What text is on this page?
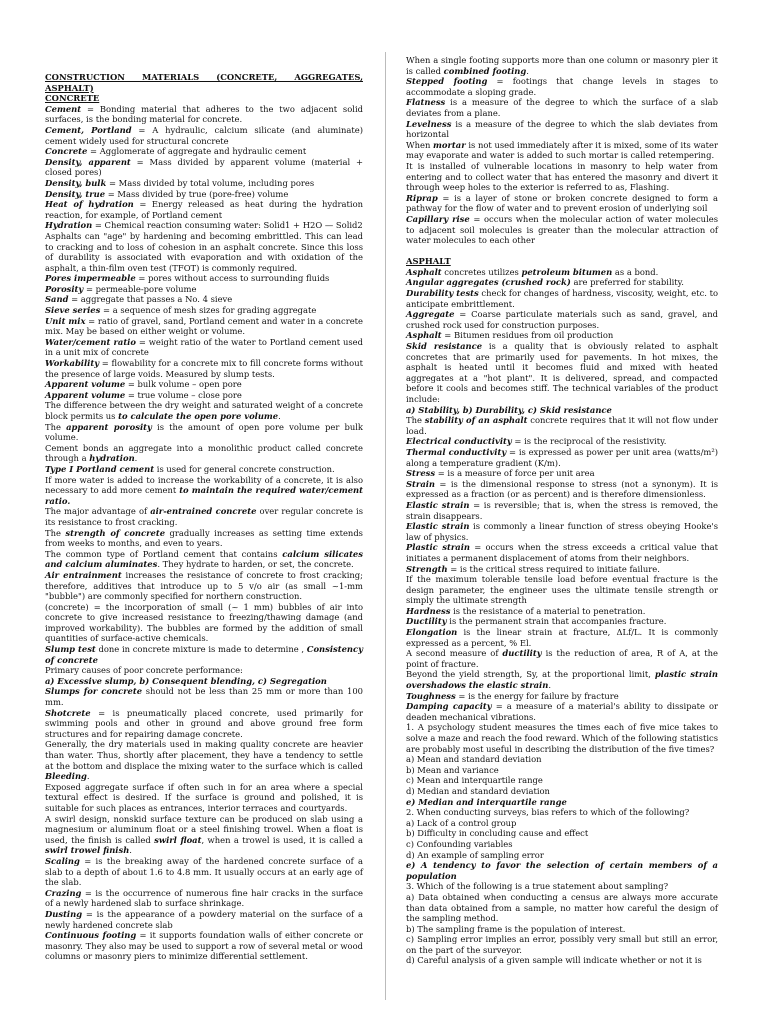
CONSTRUCTION MATERIALS (CONCRETE, AGGREGATES, ASPHALT)
CONCRETE
Cement = Bonding material that adheres to the two adjacent solid surfaces, is the bonding material for concrete.
Cement, Portland = A hydraulic, calcium silicate (and aluminate) cement widely used for structural concrete
Concrete = Agglomerate of aggregate and hydraulic cement
Density, apparent = Mass divided by apparent volume (material + closed pores)
Density, bulk = Mass divided by total volume, including pores
Density, true = Mass divided by true (pore-free) volume
Heat of hydration = Energy released as heat during the hydration reaction, for example, of Portland cement
Hydration = Chemical reaction consuming water: Solid1 + H2O — Solid2
Asphalts can "age" by hardening and becoming embrittled. This can lead to cracking and to loss of cohesion in an asphalt concrete. Since this loss of durability is associated with evaporation and with oxidation of the asphalt, a thin-film oven test (TFOT) is commonly required.
Pores impermeable = pores without access to surrounding fluids
Porosity = permeable-pore volume
Sand = aggregate that passes a No. 4 sieve
Sieve series = a sequence of mesh sizes for grading aggregate
Unit mix = ratio of gravel, sand, Portland cement and water in a concrete mix. May be based on either weight or volume.
Water/cement ratio = weight ratio of the water to Portland cement used in a unit mix of concrete
Workability = flowability for a concrete mix to fill concrete forms without the presence of large voids. Measured by slump tests.
Apparent volume = bulk volume – open pore
Apparent volume = true volume – close pore
The difference between the dry weight and saturated weight of a concrete block permits us to calculate the open pore volume.
The apparent porosity is the amount of open pore volume per bulk volume.
Cement bonds an aggregate into a monolithic product called concrete through a hydration.
Type I Portland cement is used for general concrete construction.
If more water is added to increase the workability of a concrete, it is also necessary to add more cement to maintain the required water/cement ratio.
The major advantage of air-entrained concrete over regular concrete is its resistance to frost cracking.
The strength of concrete gradually increases as setting time extends from weeks to months, and even to years.
The common type of Portland cement that contains calcium silicates and calcium aluminates. They hydrate to harden, or set, the concrete.
Air entrainment increases the resistance of concrete to frost cracking; therefore, additives that introduce up to 5 v/o air (as small ~1-mm "bubble") are commonly specified for northern construction.
(concrete) = the incorporation of small (~ 1 mm) bubbles of air into concrete to give increased resistance to freezing/thawing damage (and improved workability). The bubbles are formed by the addition of small quantities of surface-active chemicals.
Slump test done in concrete mixture is made to determine , Consistency of concrete
Primary causes of poor concrete performance:
a) Excessive slump, b) Consequent blending, c) Segregation
Slumps for concrete should not be less than 25 mm or more than 100 mm.
Shotcrete = is pneumatically placed concrete, used primarily for swimming pools and other in ground and above ground free form structures and for repairing damage concrete.
Generally, the dry materials used in making quality concrete are heavier than water. Thus, shortly after placement, they have a tendency to settle at the bottom and displace the mixing water to the surface which is called Bleeding.
Exposed aggregate surface if often such in for an area where a special textural effect is desired. If the surface is ground and polished, it is suitable for such places as entrances, interior terraces and courtyards.
A swirl design, nonskid surface texture can be produced on slab using a magnesium or aluminum float or a steel finishing trowel. When a float is used, the finish is called swirl float, when a trowel is used, it is called a swirl trowel finish.
Scaling = is the breaking away of the hardened concrete surface of a slab to a depth of about 1.6 to 4.8 mm. It usually occurs at an early age of the slab.
Crazing = is the occurrence of numerous fine hair cracks in the surface of a newly hardened slab to surface shrinkage.
Dusting = is the appearance of a powdery material on the surface of a newly hardened concrete slab
Continuous footing = it supports foundation walls of either concrete or masonry. They also may be used to support a row of several metal or wood columns or masonry piers to minimize differential settlement.
When a single footing supports more than one column or masonry pier it is called combined footing.
Stepped footing = footings that change levels in stages to accommodate a sloping grade.
Flatness is a measure of the degree to which the surface of a slab deviates from a plane.
Levelness is a measure of the degree to which the slab deviates from horizontal
When mortar is not used immediately after it is mixed, some of its water may evaporate and water is added to such mortar is called retempering.
It is installed of vulnerable locations in masonry to help water from entering and to collect water that has entered the masonry and divert it through weep holes to the exterior is referred to as, Flashing.
Riprap = is a layer of stone or broken concrete designed to form a pathway for the flow of water and to prevent erosion of underlying soil
Capillary rise = occurs when the molecular action of water molecules to adjacent soil molecules is greater than the molecular attraction of water molecules to each other
ASPHALT
Asphalt concretes utilizes petroleum bitumen as a bond.
Angular aggregates (crushed rock) are preferred for stability.
Durability tests check for changes of hardness, viscosity, weight, etc. to anticipate embrittlement.
Aggregate = Coarse particulate materials such as sand, gravel, and crushed rock used for construction purposes.
Asphalt = Bitumen residues from oil production
Skid resistance is a quality that is obviously related to asphalt concretes that are primarily used for pavements. In hot mixes, the asphalt is heated until it becomes fluid and mixed with heated aggregates at a "hot plant". It is delivered, spread, and compacted before it cools and becomes stiff. The technical variables of the product include:
a) Stability, b) Durability, c) Skid resistance
The stability of an asphalt concrete requires that it will not flow under load.
Electrical conductivity = is the reciprocal of the resistivity.
Thermal conductivity = is expressed as power per unit area (watts/m²) along a temperature gradient (K/m).
Stress = is a measure of force per unit area
Strain = is the dimensional response to stress (not a synonym). It is expressed as a fraction (or as percent) and is therefore dimensionless.
Elastic strain = is reversible; that is, when the stress is removed, the strain disappears.
Elastic strain is commonly a linear function of stress obeying Hooke's law of physics.
Plastic strain = occurs when the stress exceeds a critical value that initiates a permanent displacement of atoms from their neighbors.
Strength = is the critical stress required to initiate failure.
If the maximum tolerable tensile load before eventual fracture is the design parameter, the engineer uses the ultimate tensile strength or simply the ultimate strength
Hardness is the resistance of a material to penetration.
Ductility is the permanent strain that accompanies fracture.
Elongation is the linear strain at fracture, ΔLf/L. It is commonly expressed as a percent, % El.
A second measure of ductility is the reduction of area, R of A, at the point of fracture.
Beyond the yield strength, Sy, at the proportional limit, plastic strain overshadows the elastic strain.
Toughness = is the energy for failure by fracture
Damping capacity = a measure of a material's ability to dissipate or deaden mechanical vibrations.
1. A psychology student measures the times each of five mice takes to solve a maze and reach the food reward. Which of the following statistics are probably most useful in describing the distribution of the five times?
a) Mean and standard deviation
b) Mean and variance
c) Mean and interquartile range
d) Median and standard deviation
e) Median and interquartile range
2. When conducting surveys, bias refers to which of the following?
a) Lack of a control group
b) Difficulty in concluding cause and effect
c) Confounding variables
d) An example of sampling error
e) A tendency to favor the selection of certain members of a population
3. Which of the following is a true statement about sampling?
a) Data obtained when conducting a census are always more accurate than data obtained from a sample, no matter how careful the design of the sampling method.
b) The sampling frame is the population of interest.
c) Sampling error implies an error, possibly very small but still an error, on the part of the surveyor.
d) Careful analysis of a given sample will indicate whether or not it is
